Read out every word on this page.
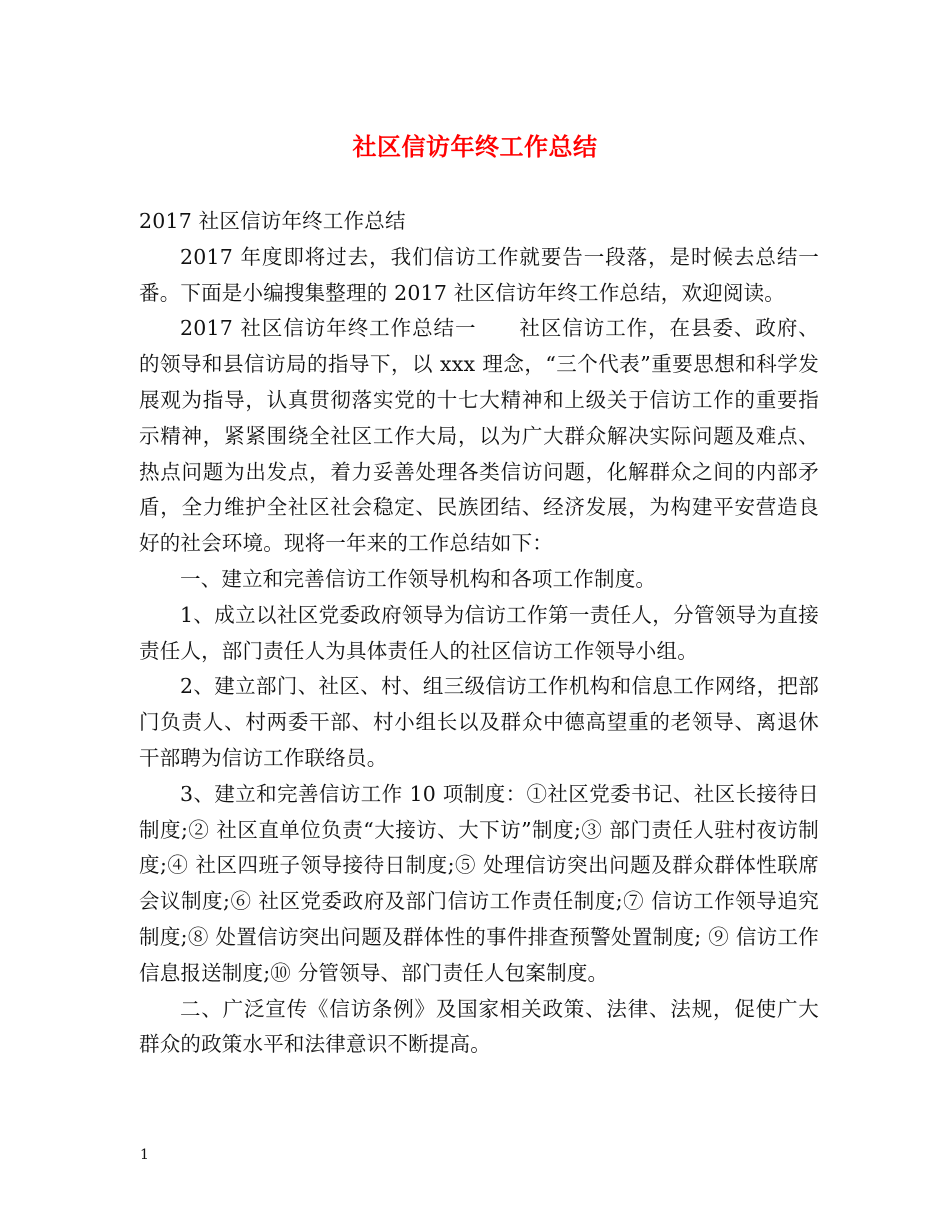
社区信访年终工作总结

2017 社区信访年终工作总结

2017 年度即将过去，我们信访工作就要告一段落，是时候去总结一番。下面是小编搜集整理的 2017 社区信访年终工作总结，欢迎阅读。

2017 社区信访年终工作总结一　　社区信访工作，在县委、政府、的领导和县信访局的指导下，以 xxx 理念，“三个代表”重要思想和科学发展观为指导，认真贯彻落实党的十七大精神和上级关于信访工作的重要指示精神，紧紧围绕全社区工作大局，以为广大群众解决实际问题及难点、热点问题为出发点，着力妥善处理各类信访问题，化解群众之间的内部矛盾，全力维护全社区社会稳定、民族团结、经济发展，为构建平安营造良好的社会环境。现将一年来的工作总结如下：

一、建立和完善信访工作领导机构和各项工作制度。

1、成立以社区党委政府领导为信访工作第一责任人，分管领导为直接责任人，部门责任人为具体责任人的社区信访工作领导小组。

2、建立部门、社区、村、组三级信访工作机构和信息工作网络，把部门负责人、村两委干部、村小组长以及群众中德高望重的老领导、离退休干部聘为信访工作联络员。

3、建立和完善信访工作 10 项制度：①社区党委书记、社区长接待日制度;② 社区直单位负责“大接访、大下访”制度;③ 部门责任人驻村夜访制度;④ 社区四班子领导接待日制度;⑤ 处理信访突出问题及群众群体性联席会议制度;⑥ 社区党委政府及部门信访工作责任制度;⑦ 信访工作领导追究制度;⑧ 处置信访突出问题及群体性的事件排查预警处置制度; ⑨ 信访工作信息报送制度;⑩ 分管领导、部门责任人包案制度。

二、广泛宣传《信访条例》及国家相关政策、法律、法规，促使广大群众的政策水平和法律意识不断提高。

1
